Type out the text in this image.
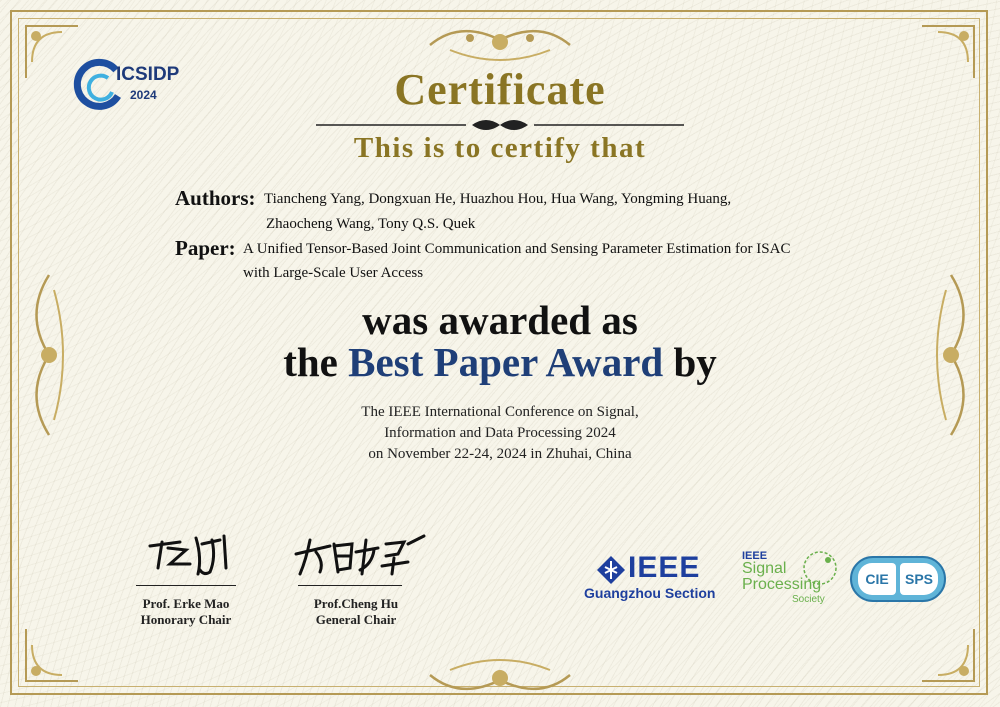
ICSIDP
2024	Certificate
This is to certify that
Authors: Tiancheng Yang, Dongxuan He, Huazhou Hou, Hua Wang, Yongming Huang,
Zhaocheng Wang, Tony Q.S. Quek
Paper: A Unified Tensor-Based Joint Communication and Sensing Parameter Estimation for ISAC
with Large-Scale User Access
was awarded as
the Best Paper Award by
The IEEE International Conference on Signal,
Information and Data Processing 2024
on November 22-24, 2024 in Zhuhai, China
Prof. Erke Mao
Honorary Chair
Prof.Cheng Hu
General Chair
IEEE
Guangzhou Section
IEEE
Signal
Processing
Society
CIE	SPS
